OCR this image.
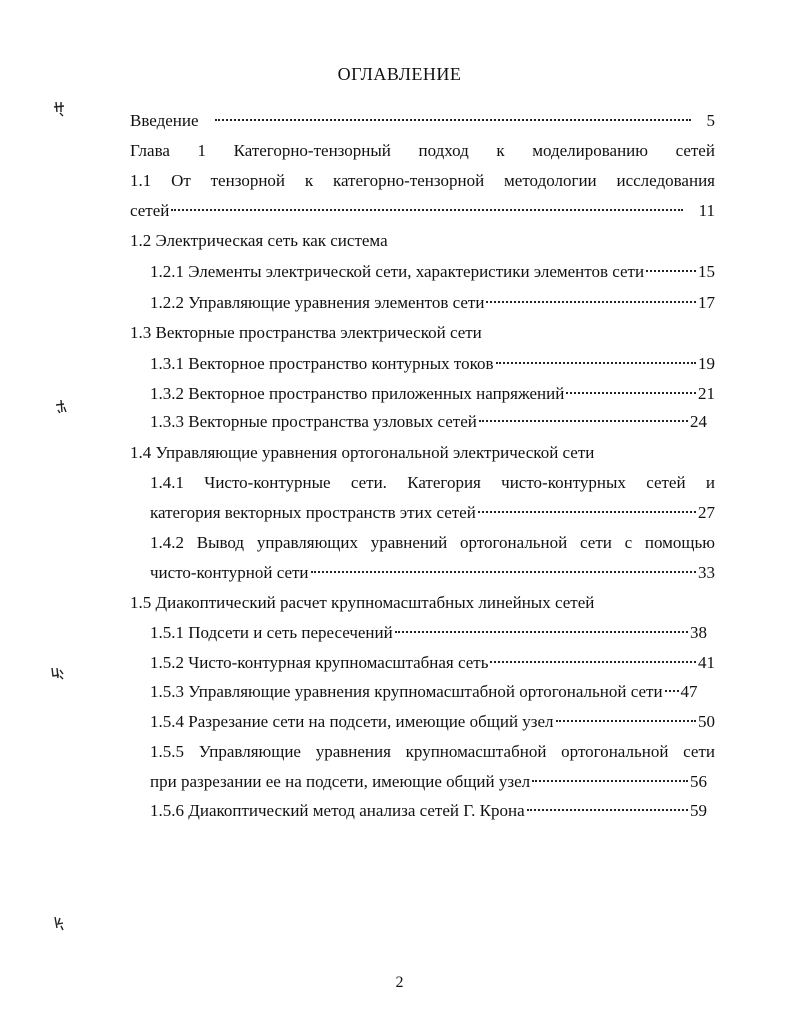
ОГЛАВЛЕНИЕ
Введение	5
Глава 1 Категорно-тензорный подход к моделированию сетей
1.1 От тензорной к категорно-тензорной методологии исследования
сетей	11
1.2 Электрическая сеть как система
1.2.1 Элементы электрической сети, характеристики элементов сети	15
1.2.2 Управляющие уравнения элементов сети	17
1.3 Векторные пространства электрической сети
1.3.1 Векторное пространство контурных токов	19
1.3.2 Векторное пространство приложенных напряжений	21
1.3.3 Векторные пространства узловых сетей	24
1.4 Управляющие уравнения ортогональной электрической сети
1.4.1 Чисто-контурные сети. Категория чисто-контурных сетей и
категория векторных пространств этих сетей	27
1.4.2 Вывод управляющих уравнений ортогональной сети с помощью
чисто-контурной сети	33
1.5 Диакоптический расчет крупномасштабных линейных сетей
1.5.1 Подсети и сеть пересечений	38
1.5.2 Чисто-контурная крупномасштабная сеть	41
1.5.3 Управляющие уравнения крупномасштабной ортогональной сети 47
1.5.4 Разрезание сети на подсети, имеющие общий узел	50
1.5.5 Управляющие уравнения крупномасштабной ортогональной сети
при разрезании ее на подсети, имеющие общий узел	56
1.5.6 Диакоптический метод анализа сетей Г. Крона	59
2
